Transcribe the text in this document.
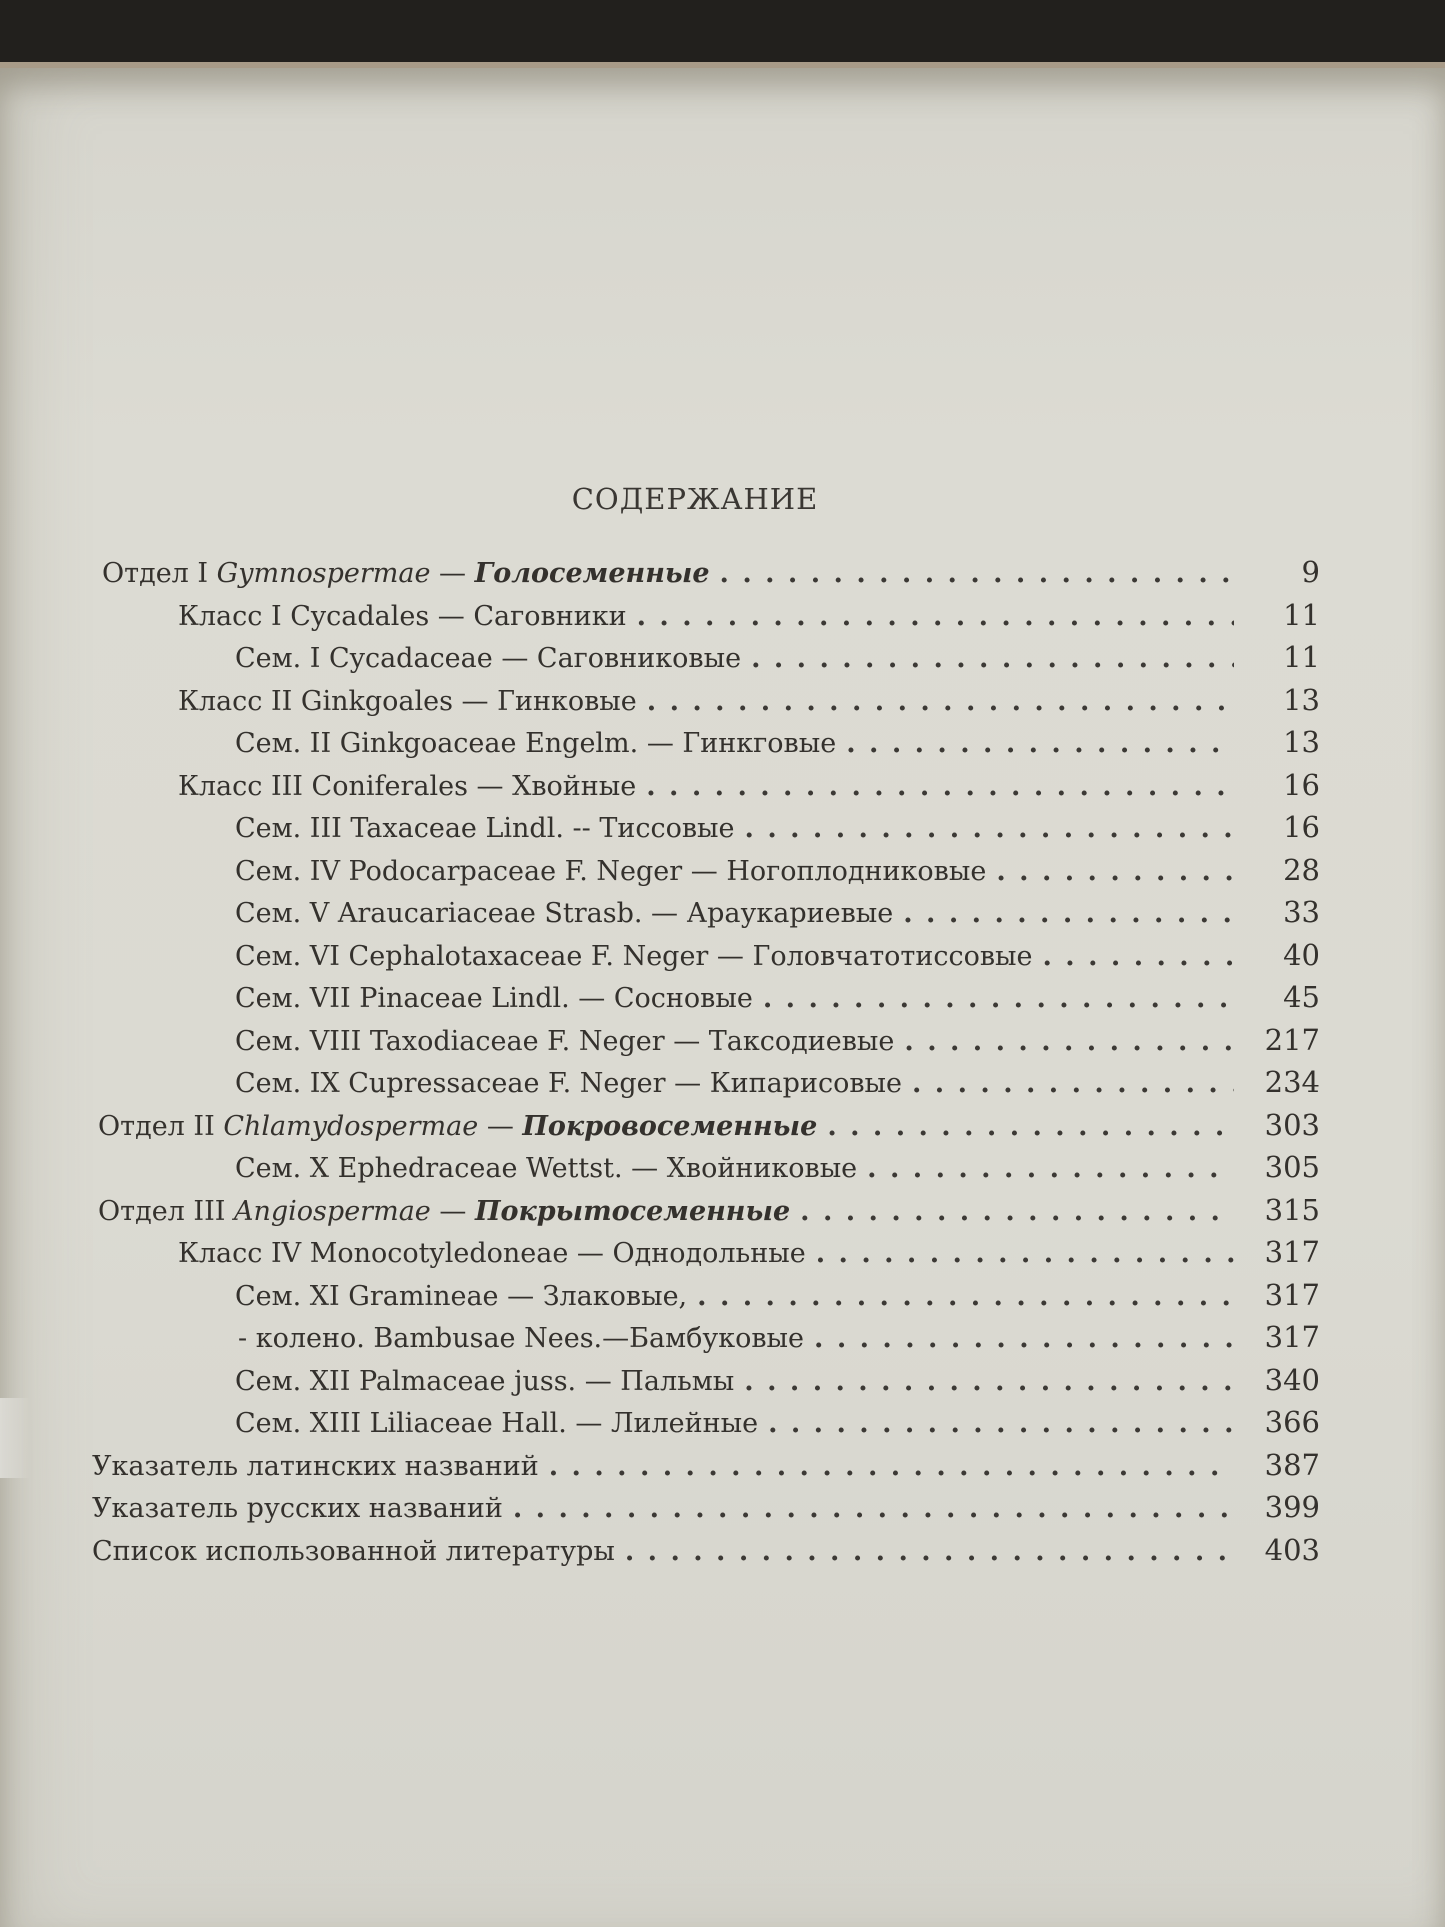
СОДЕРЖАНИЕ
Отдел I Gymnospermae — Голосеменные . . .	9
Класс I Cycadales — Саговники . . .	11
Сем. I Cycadaceae — Саговниковые . . .	11
Класс II Ginkgoales — Гинковые . . .	13
Сем. II Ginkgoaceae Engelm. — Гинкговые . . .	13
Класс III Coniferales — Хвойные . . .	16
Сем. III Taxaceae Lindl. -- Тиссовые . . .	16
Сем. IV Podocarpaceae F. Neger — Ногоплодниковые . . .	28
Сем. V Araucariaceae Strasb. — Араукариевые . . .	33
Сем. VI Cephalotaxaceae F. Neger — Головчатотиссовые . . .	40
Сем. VII Pinaceae Lindl. — Сосновые . . .	45
Сем. VIII Taxodiaceae F. Neger — Таксодиевые . . .	217
Сем. IX Cupressaceae F. Neger — Кипарисовые . . .	234
Отдел II Chlamydospermae — Покровосеменные . . .	303
Сем. X Ephedraceae Wettst. — Хвойниковые . . .	305
Отдел III Angiospermae — Покрытосеменные . . .	315
Класс IV Monocotyledoneae — Однодольные . . .	317
Сем. XI Gramineae — Злаковые, . . .	317
- колено. Bambusae Nees.—Бамбуковые . . .	317
Сем. XII Palmaceae juss. — Пальмы . . .	340
Сем. XIII Liliaceae Hall. — Лилейные . . .	366
Указатель латинских названий . . .	387
Указатель русских названий . . .	399
Список использованной литературы . . .	403
